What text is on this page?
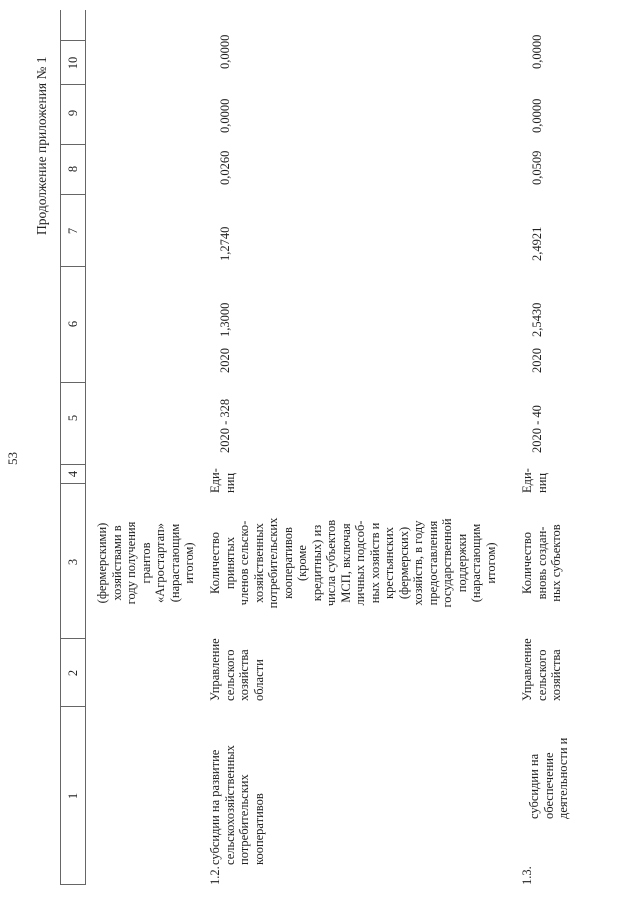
53
Продолжение приложения № 1
1
2
3
4
5
6
7
8
9
10
(фермерскими) хозяйствами в году получения грантов «Агростартап» (нарастающим итогом)
1.2.
субсидии на развитие сельскохозяйственных потребительских кооперативов
Управление сельского хозяйства области
Количество принятых членов сельско- хозяйственных потребительских кооперативов (кроме кредитных) из числа субъектов МСП, включая личных подсоб- ных хозяйств и крестьянских (фермерских) хозяйств, в году предоставления государственной поддержки (нарастающим итогом)
Еди- ниц
2020 - 328
2020
1,3000
1,2740
0,0260
0,0000
0,0000
1.3.
субсидии на обеспечение деятельности и
Управление сельского хозяйства
Количество вновь создан- ных субъектов
Еди- ниц
2020 - 40
2020
2,5430
2,4921
0,0509
0,0000
0,0000
